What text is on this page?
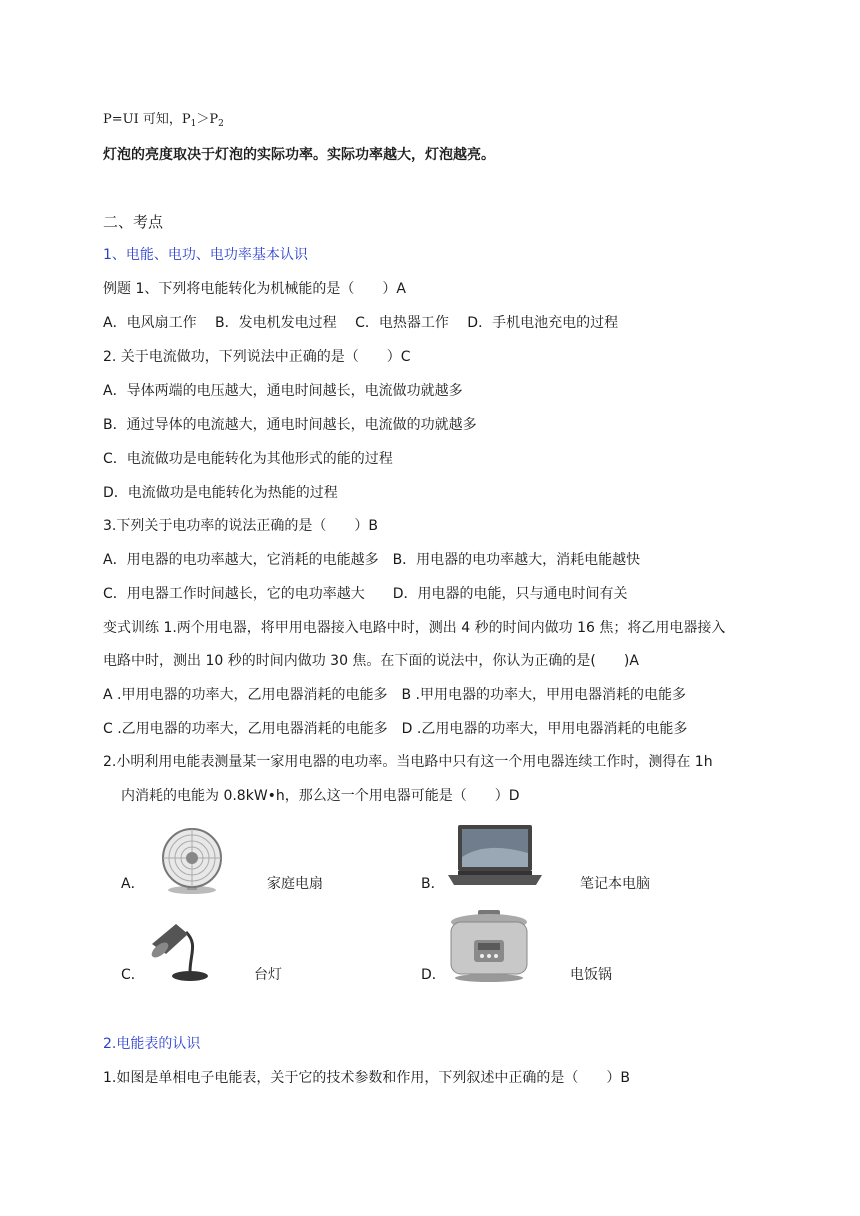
P=UI 可知，$P_1>P_2$
灯泡的亮度取决于灯泡的实际功率。实际功率越大，灯泡越亮。
二、考点
1、电能、电功、电功率基本认识
例题 1、下列将电能转化为机械能的是（　　）A
A．电风扇工作　 B．发电机发电过程　 C．电热器工作　 D．手机电池充电的过程
2. 关于电流做功，下列说法中正确的是（　　）C
A．导体两端的电压越大，通电时间越长，电流做功就越多
B．通过导体的电流越大，通电时间越长，电流做的功就越多
C．电流做功是电能转化为其他形式的能的过程
D．电流做功是电能转化为热能的过程
3.下列关于电功率的说法正确的是（　　）B
A．用电器的电功率越大，它消耗的电能越多　B．用电器的电功率越大，消耗电能越快
C．用电器工作时间越长，它的电功率越大　　D．用电器的电能，只与通电时间有关
变式训练 1.两个用电器，将甲用电器接入电路中时，测出 4 秒的时间内做功 16 焦；将乙用电器接入
电路中时，测出 10 秒的时间内做功 30 焦。在下面的说法中，你认为正确的是(　　)A
A .甲用电器的功率大，乙用电器消耗的电能多　B .甲用电器的功率大，甲用电器消耗的电能多
C .乙用电器的功率大，乙用电器消耗的电能多　D .乙用电器的功率大，甲用电器消耗的电能多
2.小明利用电能表测量某一家用电器的电功率。当电路中只有这一个用电器连续工作时，测得在 1h
内消耗的电能为 0.8kW•h，那么这一个用电器可能是（　　）D
A．	家庭电扇	B．	笔记本电脑
C．	台灯	D．	电饭锅
2.电能表的认识
1.如图是单相电子电能表，关于它的技术参数和作用，下列叙述中正确的是（　　）B
